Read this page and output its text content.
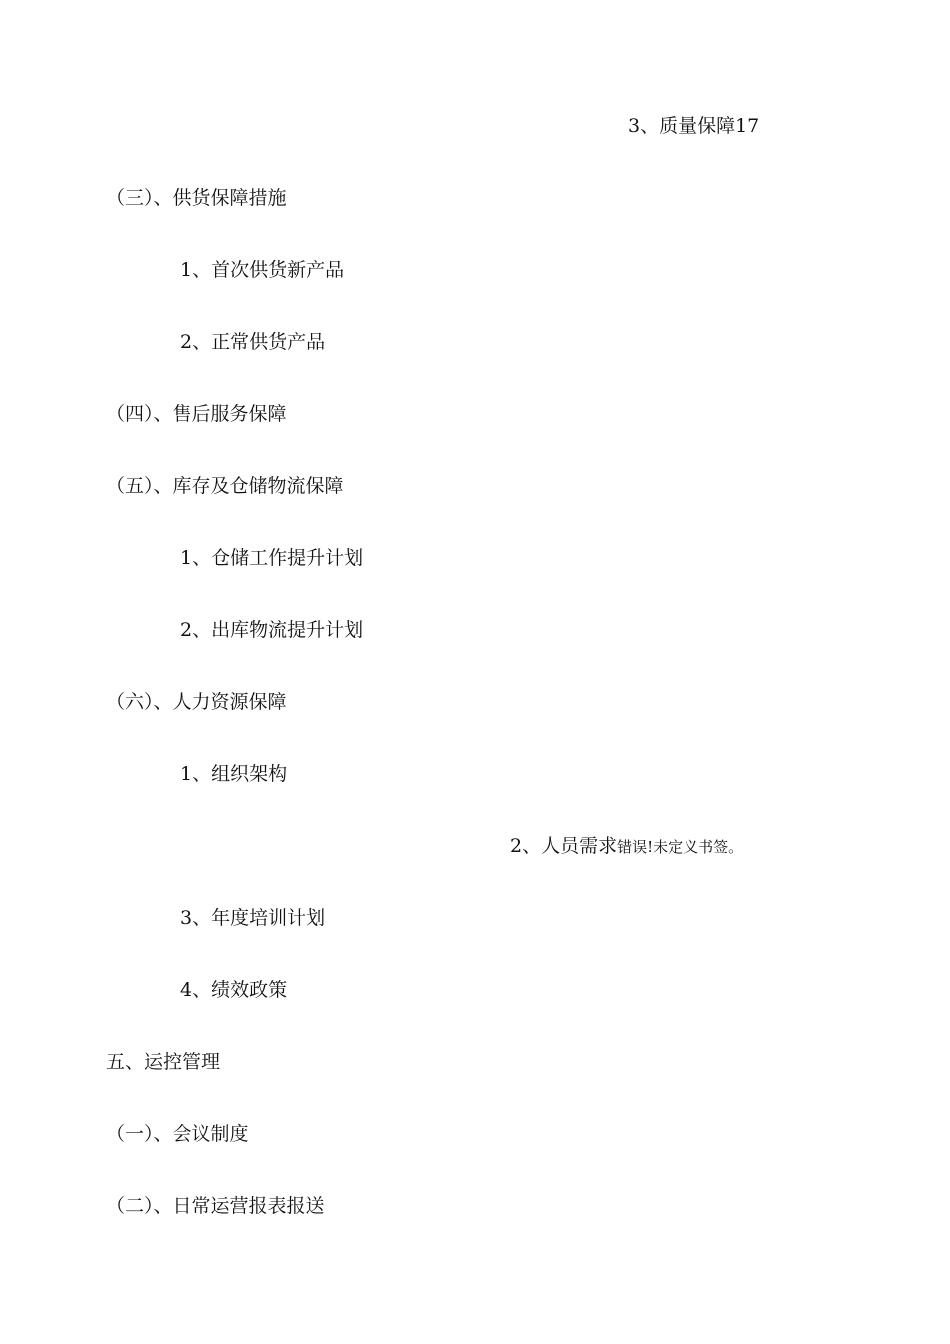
3、质量保障17
（三）、供货保障措施
1、首次供货新产品
2、正常供货产品
（四）、售后服务保障
（五）、库存及仓储物流保障
1、仓储工作提升计划
2、出库物流提升计划
（六）、人力资源保障
1、组织架构
2、人员需求错误!未定义书签。
3、年度培训计划
4、绩效政策
五、运控管理
（一）、会议制度
（二）、日常运营报表报送
